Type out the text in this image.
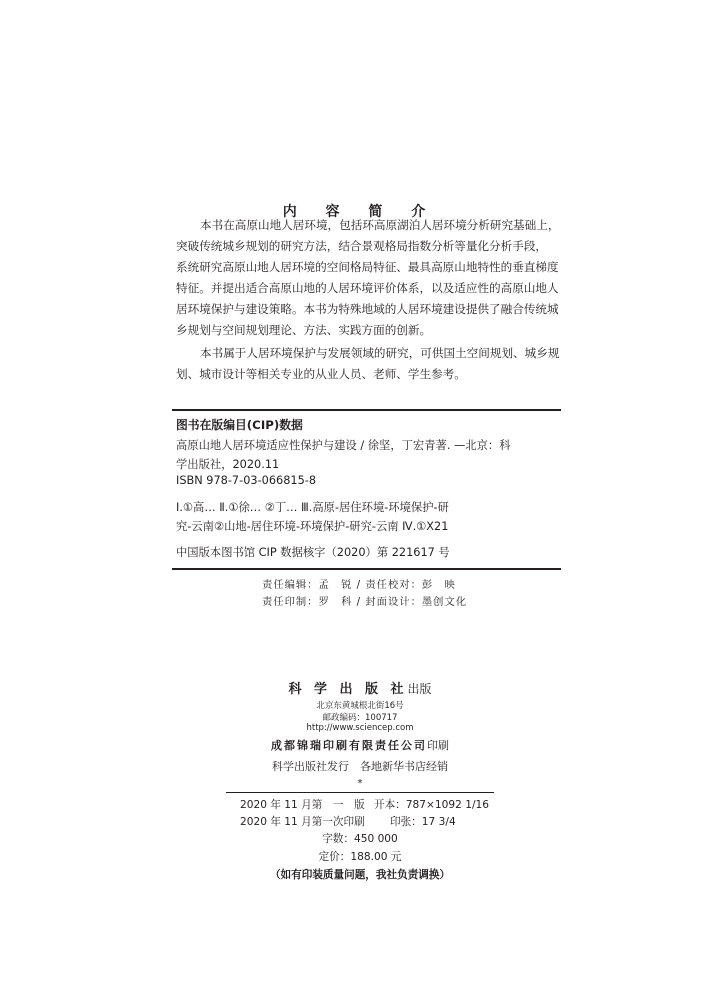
内 容 简 介
本书在高原山地人居环境，包括环高原湖泊人居环境分析研究基础上，
突破传统城乡规划的研究方法，结合景观格局指数分析等量化分析手段，
系统研究高原山地人居环境的空间格局特征、最具高原山地特性的垂直梯度
特征。并提出适合高原山地的人居环境评价体系，以及适应性的高原山地人
居环境保护与建设策略。本书为特殊地域的人居环境建设提供了融合传统城
乡规划与空间规划理论、方法、实践方面的创新。
本书属于人居环境保护与发展领域的研究，可供国土空间规划、城乡规
划、城市设计等相关专业的从业人员、老师、学生参考。
图书在版编目(CIP)数据
高原山地人居环境适应性保护与建设 / 徐坚，丁宏青著. —北京：科
学出版社，2020.11
ISBN 978-7-03-066815-8
Ⅰ.①高… Ⅱ.①徐… ②丁… Ⅲ.高原-居住环境-环境保护-研
究-云南②山地-居住环境-环境保护-研究-云南 Ⅳ.①X21
中国版本图书馆 CIP 数据核字（2020）第 221617 号
责任编辑：孟　锐 / 责任校对：彭　映
责任印制：罗　科 / 封面设计：墨创文化
科 学 出 版 社出版
北京东黄城根北街16号
邮政编码：100717
http://www.sciencep.com
成都锦瑞印刷有限责任公司印刷
科学出版社发行　各地新华书店经销
*
2020 年 11 月第　一　版 开本：787×1092 1/16
2020 年 11 月第一次印刷 印张：17 3/4
字数：450 000
定价：188.00 元
（如有印装质量问题，我社负责调换）
